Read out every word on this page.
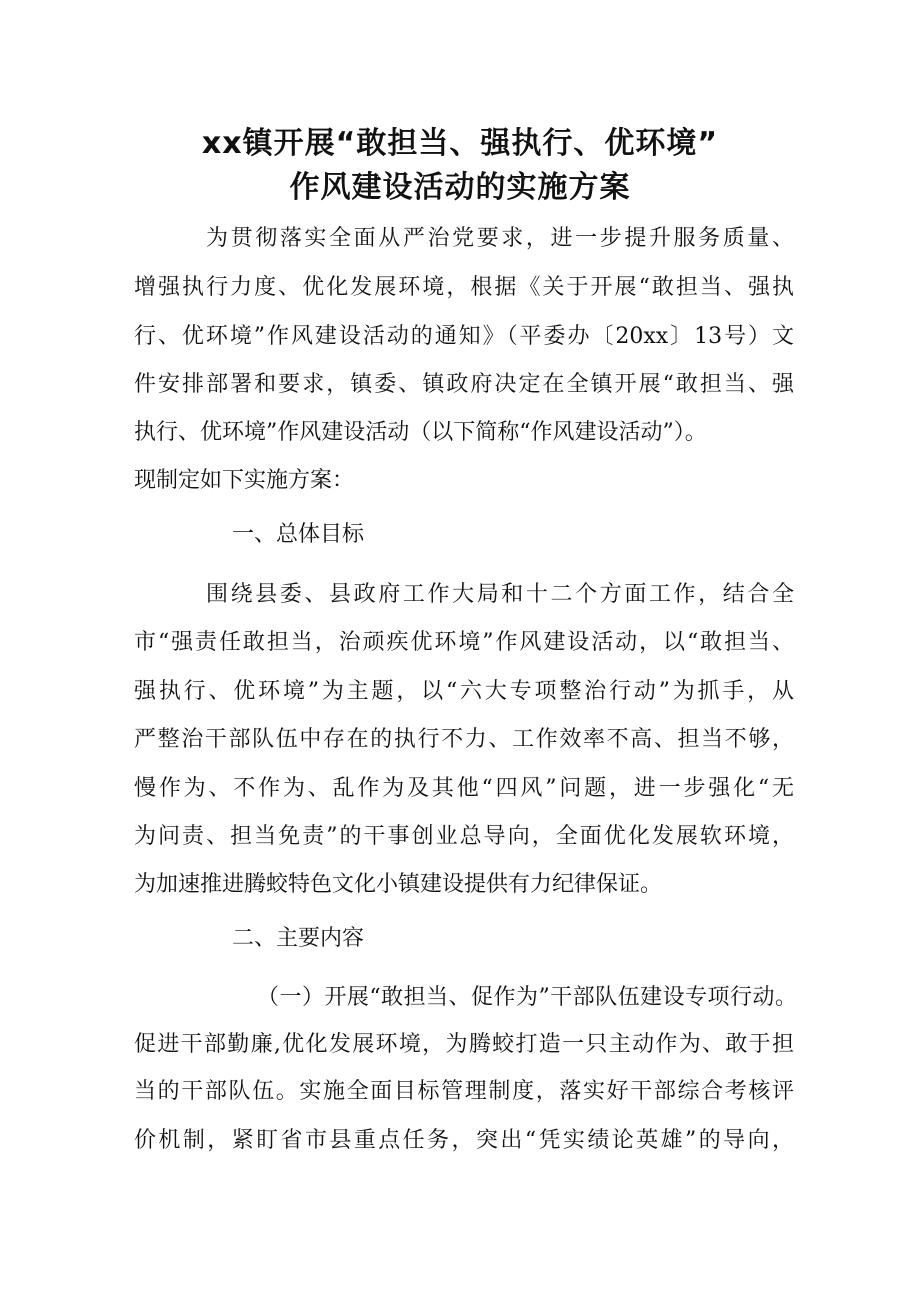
xx镇开展“敢担当、强执行、优环境”
作风建设活动的实施方案
为贯彻落实全面从严治党要求，进一步提升服务质量、
增强执行力度、优化发展环境，根据《关于开展“敢担当、强执
行、优环境”作风建设活动的通知》（平委办〔20xx〕13号）文
件安排部署和要求，镇委、镇政府决定在全镇开展“敢担当、强
执行、优环境”作风建设活动（以下简称“作风建设活动”）。
现制定如下实施方案：
一、总体目标
围绕县委、县政府工作大局和十二个方面工作，结合全
市“强责任敢担当，治顽疾优环境”作风建设活动，以“敢担当、
强执行、优环境”为主题，以“六大专项整治行动”为抓手，从
严整治干部队伍中存在的执行不力、工作效率不高、担当不够，
慢作为、不作为、乱作为及其他“四风”问题，进一步强化“无
为问责、担当免责”的干事创业总导向，全面优化发展软环境，
为加速推进腾蛟特色文化小镇建设提供有力纪律保证。
二、主要内容
（一）开展“敢担当、促作为”干部队伍建设专项行动。
促进干部勤廉,优化发展环境，为腾蛟打造一只主动作为、敢于担
当的干部队伍。实施全面目标管理制度，落实好干部综合考核评
价机制，紧盯省市县重点任务，突出“凭实绩论英雄”的导向，
